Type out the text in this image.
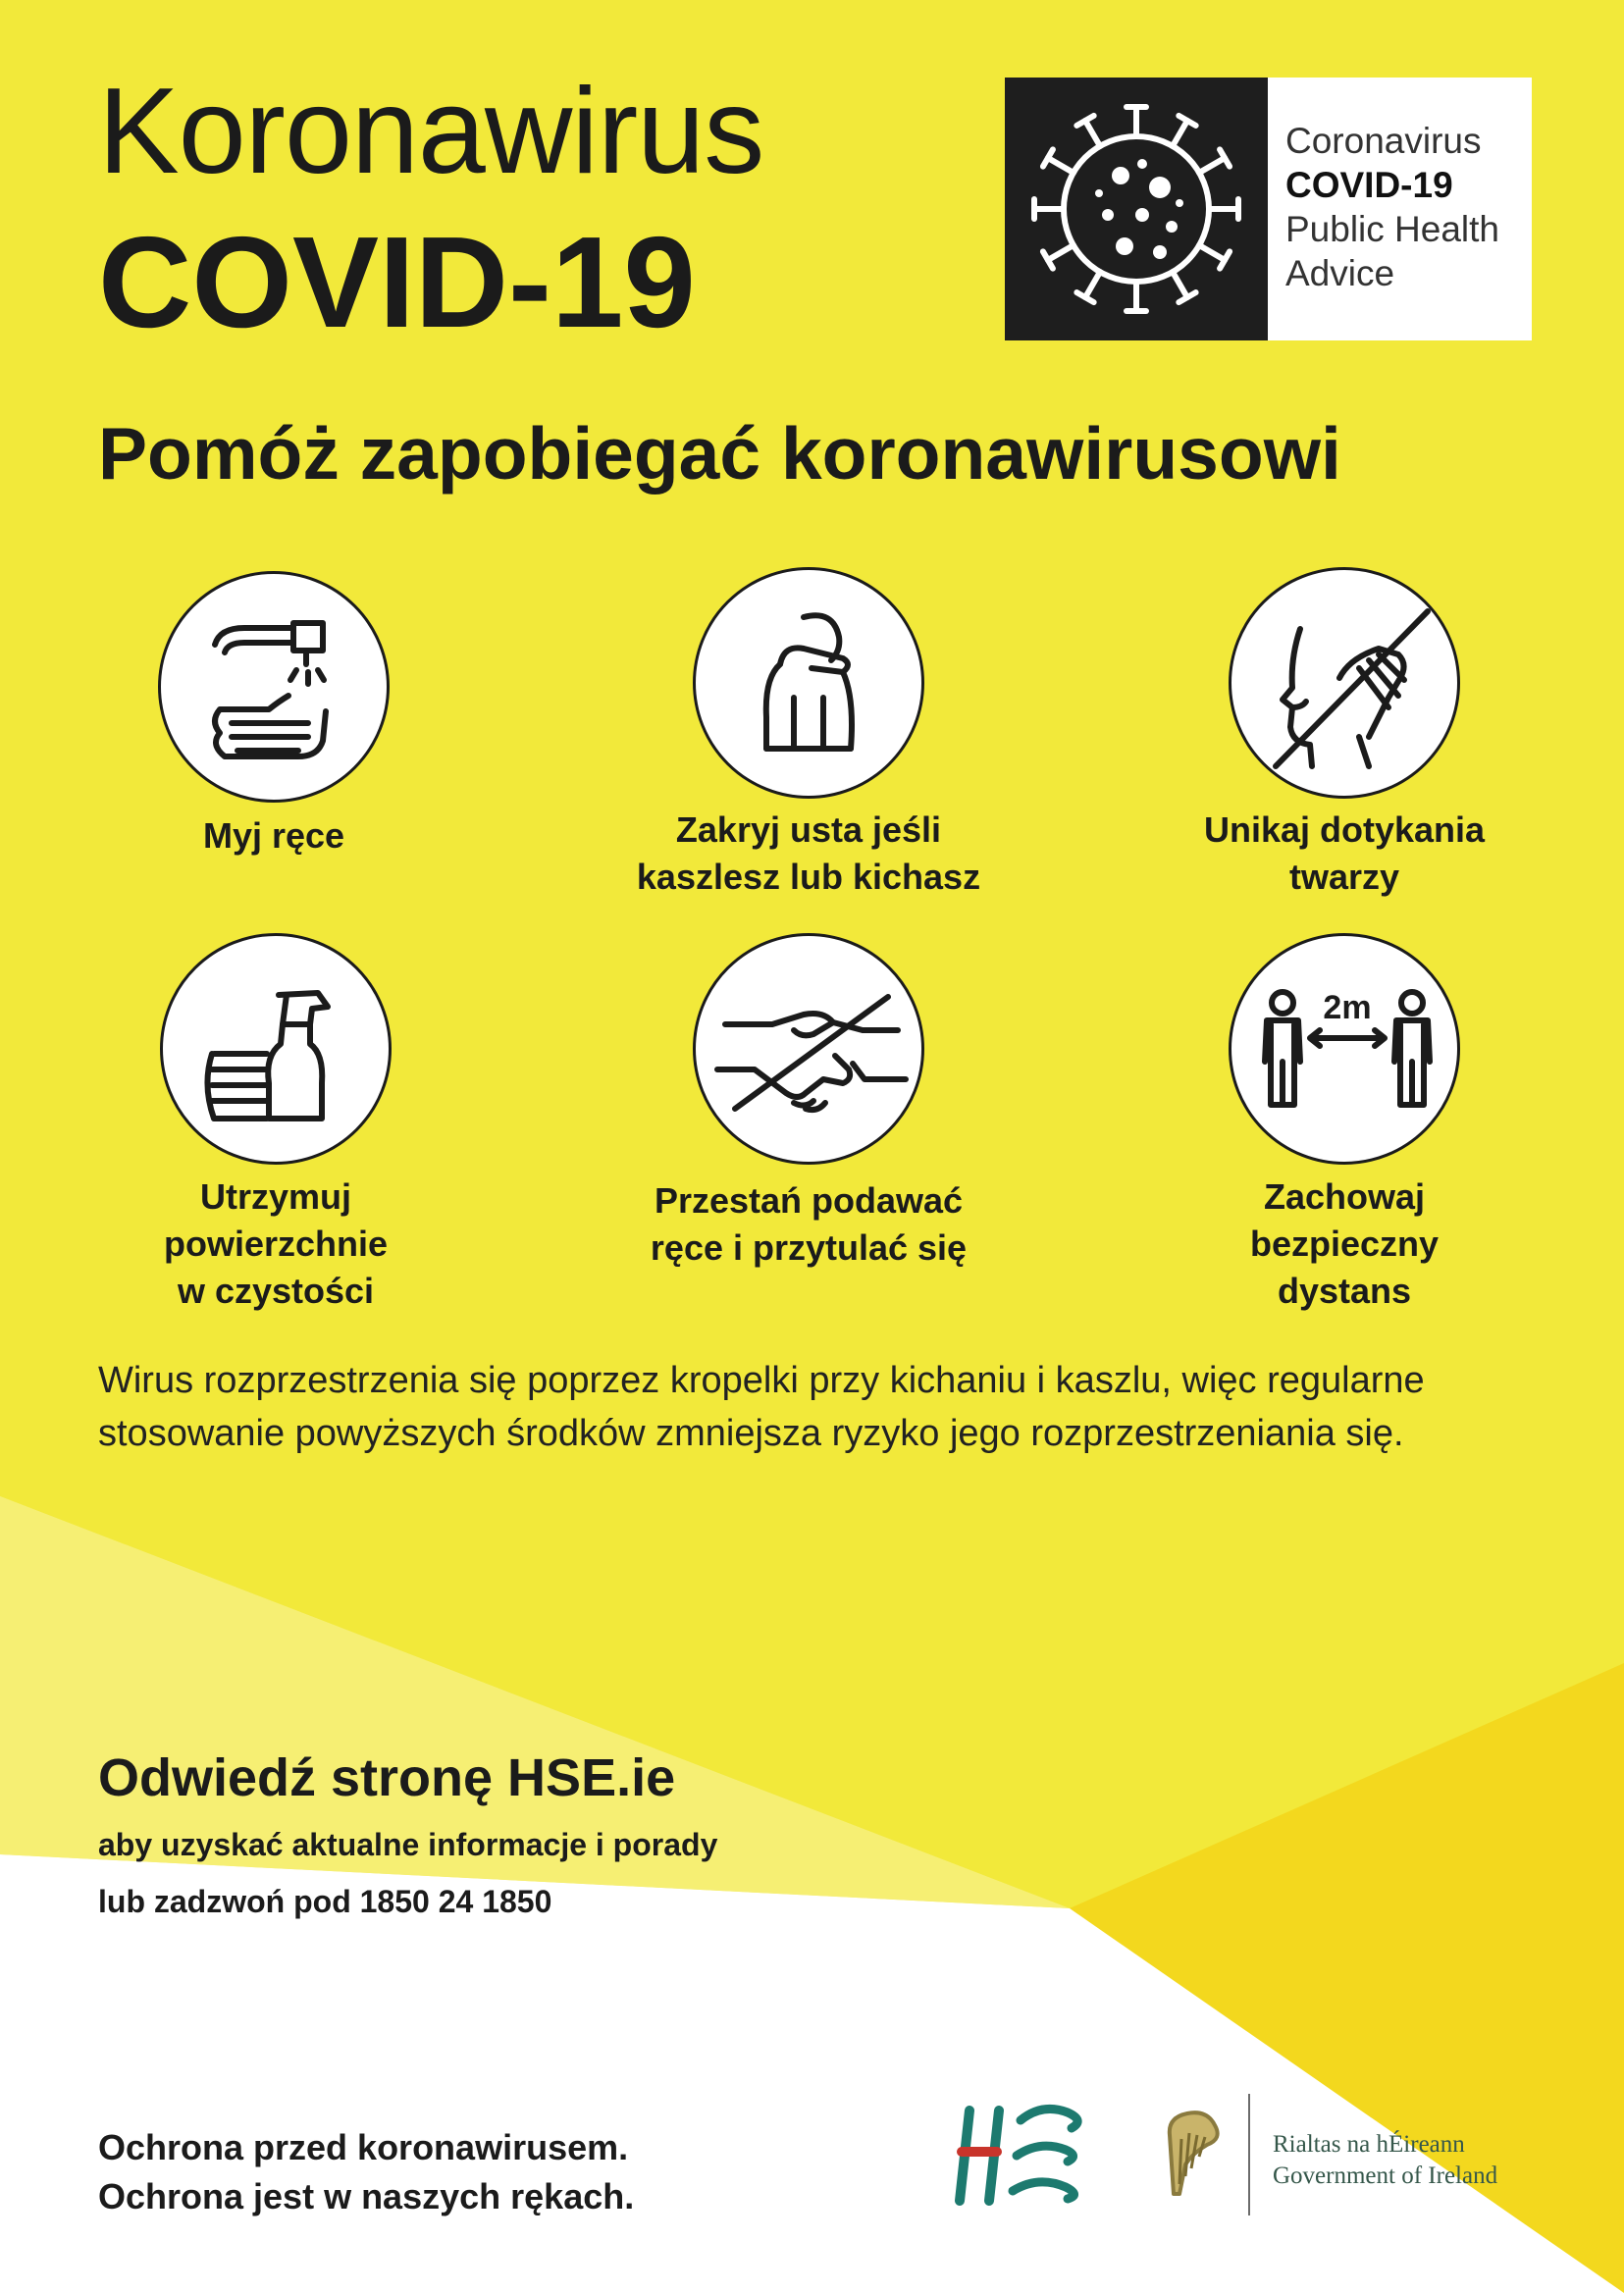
Koronawirus
COVID-19
Coronavirus
COVID-19
Public Health
Advice
Pomóż zapobiegać koronawirusowi
Myj ręce	Zakryj usta jeśli
kaszlesz lub kichasz
Unikaj dotykania
twarzy
Utrzymuj
powierzchnie
w czystości
Przestań podawać
ręce i przytulać się
2m
Zachowaj
bezpieczny
dystans

Wirus rozprzestrzenia się poprzez kropelki przy kichaniu i kaszlu, więc regularne stosowanie powyższych środków zmniejsza ryzyko jego rozprzestrzeniania się.

Odwiedź stronę HSE.ie

aby uzyskać aktualne informacje i porady

lub zadzwoń pod 1850 24 1850

Ochrona przed koronawirusem.

Ochrona jest w naszych rękach.

Rialtas na hÉireann
Government of Ireland
